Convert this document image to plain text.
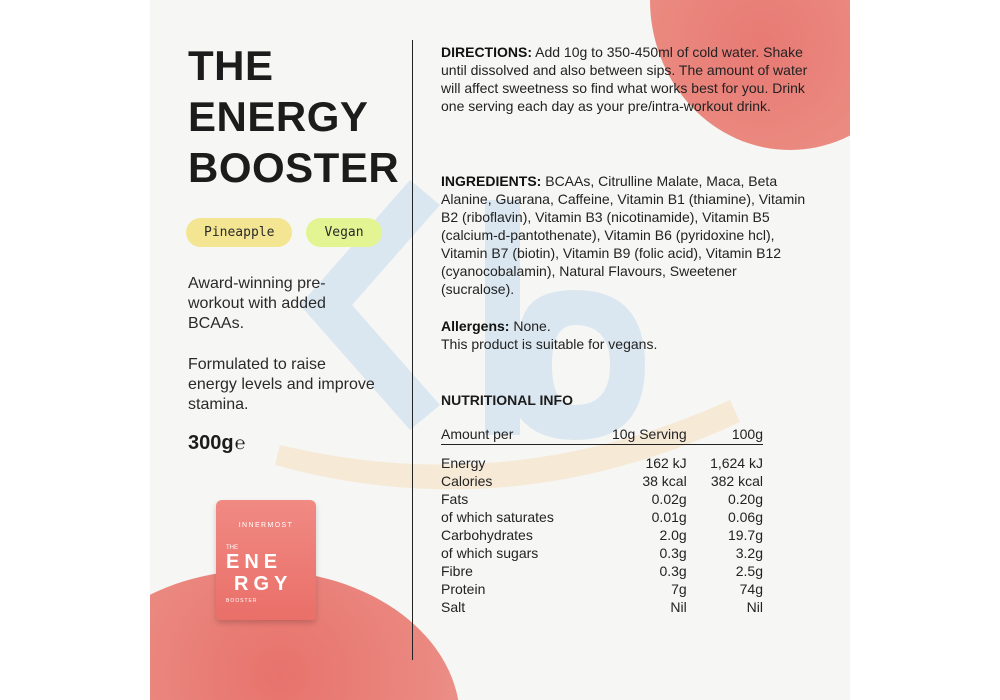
THE
ENERGY
BOOSTER
Pineapple	Vegan

Award-winning pre-workout with added BCAAs.

Formulated to raise energy levels and improve stamina.

300g℮
INNERMOST
THE
ENE
RGY
BOOSTER
DIRECTIONS: Add 10g to 350-450ml of cold water. Shake until dissolved and also between sips. The amount of water will affect sweetness so find what works best for you. Drink one serving each day as your pre/intra-workout drink.
INGREDIENTS: BCAAs, Citrulline Malate, Maca, Beta Alanine, Guarana, Caffeine, Vitamin B1 (thiamine), Vitamin B2 (riboflavin), Vitamin B3 (nicotinamide), Vitamin B5 (calcium-d-pantothenate), Vitamin B6 (pyridoxine hcl), Vitamin B7 (biotin), Vitamin B9 (folic acid), Vitamin B12 (cyanocobalamin), Natural Flavours, Sweetener (sucralose).
Allergens: None.
This product is suitable for vegans.
NUTRITIONAL INFO
Amount per	10g Serving	100g
Energy	162 kJ	1,624 kJ
Calories	38 kcal	382 kcal
Fats	0.02g	0.20g
of which saturates	0.01g	0.06g
Carbohydrates	2.0g	19.7g
of which sugars	0.3g	3.2g
Fibre	0.3g	2.5g
Protein	7g	74g
Salt	Nil	Nil
